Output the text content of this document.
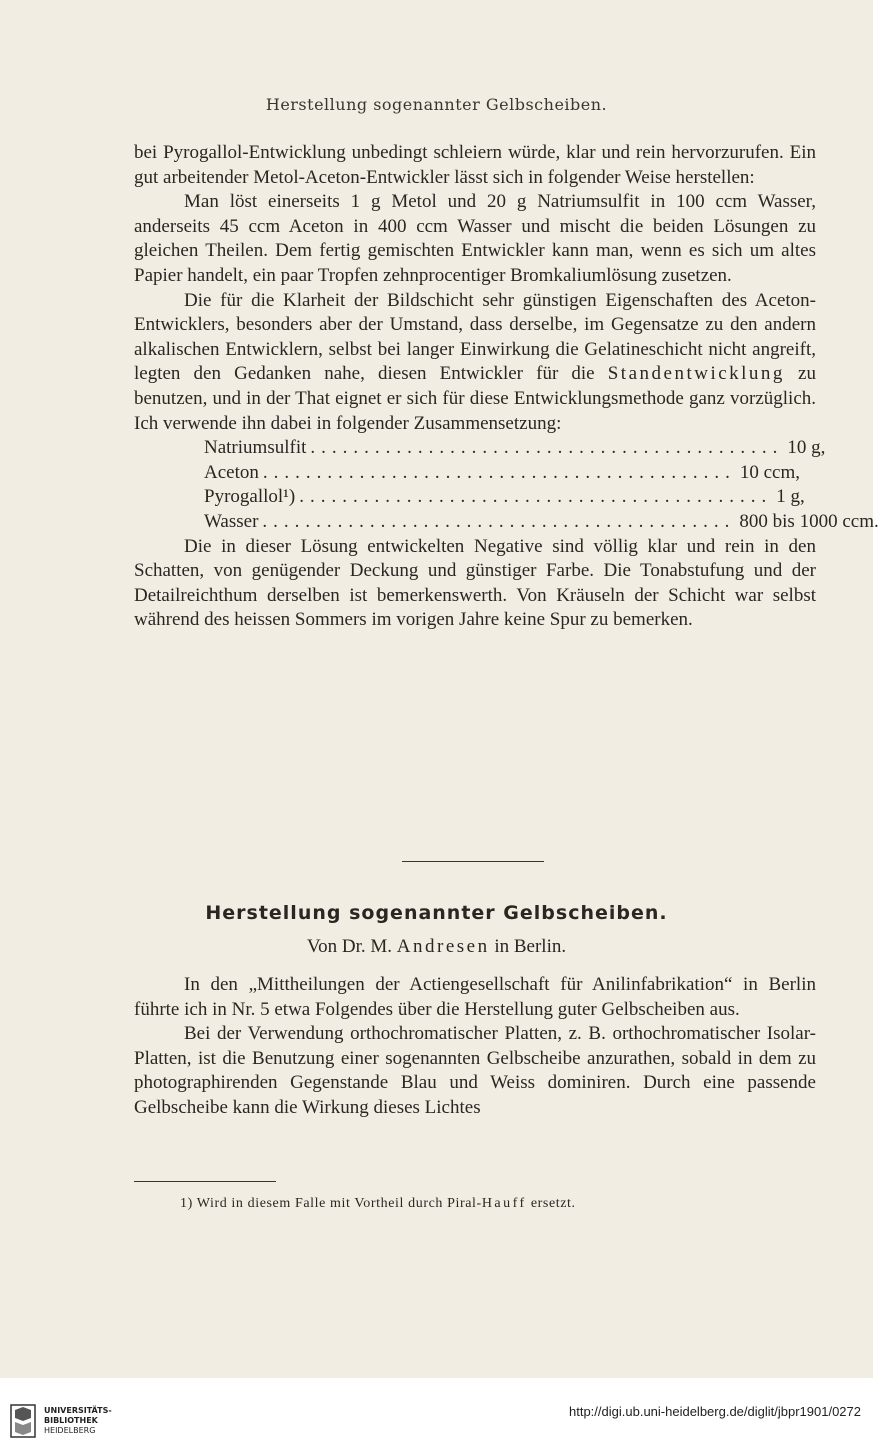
Herstellung sogenannter Gelbscheiben.

bei Pyrogallol-Entwicklung unbedingt schleiern würde, klar und rein hervorzurufen. Ein gut arbeitender Metol-Aceton-Entwickler lässt sich in folgender Weise herstellen:

Man löst einerseits 1 g Metol und 20 g Natriumsulfit in 100 ccm Wasser, anderseits 45 ccm Aceton in 400 ccm Wasser und mischt die beiden Lösungen zu gleichen Theilen. Dem fertig gemischten Entwickler kann man, wenn es sich um altes Papier handelt, ein paar Tropfen zehnprocentiger Bromkaliumlösung zusetzen.

Die für die Klarheit der Bildschicht sehr günstigen Eigenschaften des Aceton-Entwicklers, besonders aber der Umstand, dass derselbe, im Gegensatze zu den andern alkalischen Entwicklern, selbst bei langer Einwirkung die Gelatineschicht nicht angreift, legten den Gedanken nahe, diesen Entwickler für die Standentwicklung zu benutzen, und in der That eignet er sich für diese Entwicklungsmethode ganz vorzüglich. Ich verwende ihn dabei in folgender Zusammensetzung:

Natriumsulfit ............................................ 10 g,
Aceton ............................................ 10 ccm,
Pyrogallol¹) ............................................ 1 g,
Wasser ............................................ 800 bis 1000 ccm.

Die in dieser Lösung entwickelten Negative sind völlig klar und rein in den Schatten, von genügender Deckung und günstiger Farbe. Die Tonabstufung und der Detailreichthum derselben ist bemerkenswerth. Von Kräuseln der Schicht war selbst während des heissen Sommers im vorigen Jahre keine Spur zu bemerken.

Herstellung sogenannter Gelbscheiben.
Von Dr. M. Andresen in Berlin.

In den „Mittheilungen der Actiengesellschaft für Anilinfabrikation“ in Berlin führte ich in Nr. 5 etwa Folgendes über die Herstellung guter Gelbscheiben aus.

Bei der Verwendung orthochromatischer Platten, z. B. orthochromatischer Isolar-Platten, ist die Benutzung einer sogenannten Gelbscheibe anzurathen, sobald in dem zu photographirenden Gegenstande Blau und Weiss dominiren. Durch eine passende Gelbscheibe kann die Wirkung dieses Lichtes

1) Wird in diesem Falle mit Vortheil durch Piral-Hauff ersetzt.
UNIVERSITÄTS-
BIBLIOTHEK
HEIDELBERG
http://digi.ub.uni-heidelberg.de/diglit/jbpr1901/0272
